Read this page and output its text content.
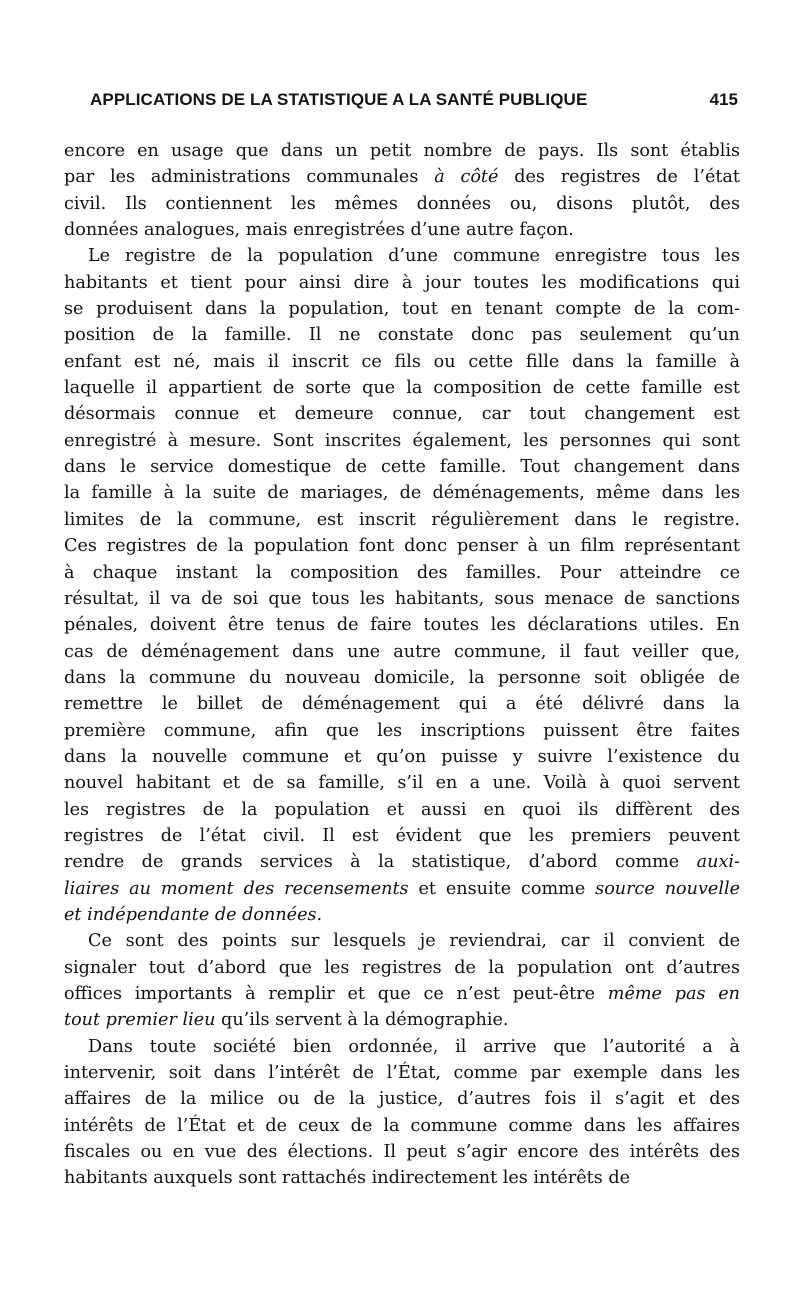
APPLICATIONS DE LA STATISTIQUE A LA SANTÉ PUBLIQUE	415
encore en usage que dans un petit nombre de pays. Ils sont établis
par les administrations communales à côté des registres de l’état
civil. Ils contiennent les mêmes données ou, disons plutôt, des
données analogues, mais enregistrées d’une autre façon.
Le registre de la population d’une commune enregistre tous les
habitants et tient pour ainsi dire à jour toutes les modifications qui
se produisent dans la population, tout en tenant compte de la com-
position de la famille. Il ne constate donc pas seulement qu’un
enfant est né, mais il inscrit ce fils ou cette fille dans la famille à
laquelle il appartient de sorte que la composition de cette famille est
désormais connue et demeure connue, car tout changement est
enregistré à mesure. Sont inscrites également, les personnes qui sont
dans le service domestique de cette famille. Tout changement dans
la famille à la suite de mariages, de déménagements, même dans les
limites de la commune, est inscrit régulièrement dans le registre.
Ces registres de la population font donc penser à un film représentant
à chaque instant la composition des familles. Pour atteindre ce
résultat, il va de soi que tous les habitants, sous menace de sanctions
pénales, doivent être tenus de faire toutes les déclarations utiles. En
cas de déménagement dans une autre commune, il faut veiller que,
dans la commune du nouveau domicile, la personne soit obligée de
remettre le billet de déménagement qui a été délivré dans la
première commune, afin que les inscriptions puissent être faites
dans la nouvelle commune et qu’on puisse y suivre l’existence du
nouvel habitant et de sa famille, s’il en a une. Voilà à quoi servent
les registres de la population et aussi en quoi ils diffèrent des
registres de l’état civil. Il est évident que les premiers peuvent
rendre de grands services à la statistique, d’abord comme auxi-
liaires au moment des recensements et ensuite comme source nouvelle
et indépendante de données.
Ce sont des points sur lesquels je reviendrai, car il convient de
signaler tout d’abord que les registres de la population ont d’autres
offices importants à remplir et que ce n’est peut-être même pas en
tout premier lieu qu’ils servent à la démographie.
Dans toute société bien ordonnée, il arrive que l’autorité a à
intervenir, soit dans l’intérêt de l’État, comme par exemple dans les
affaires de la milice ou de la justice, d’autres fois il s’agit et des
intérêts de l’État et de ceux de la commune comme dans les affaires
fiscales ou en vue des élections. Il peut s’agir encore des intérêts des
habitants auxquels sont rattachés indirectement les intérêts de
